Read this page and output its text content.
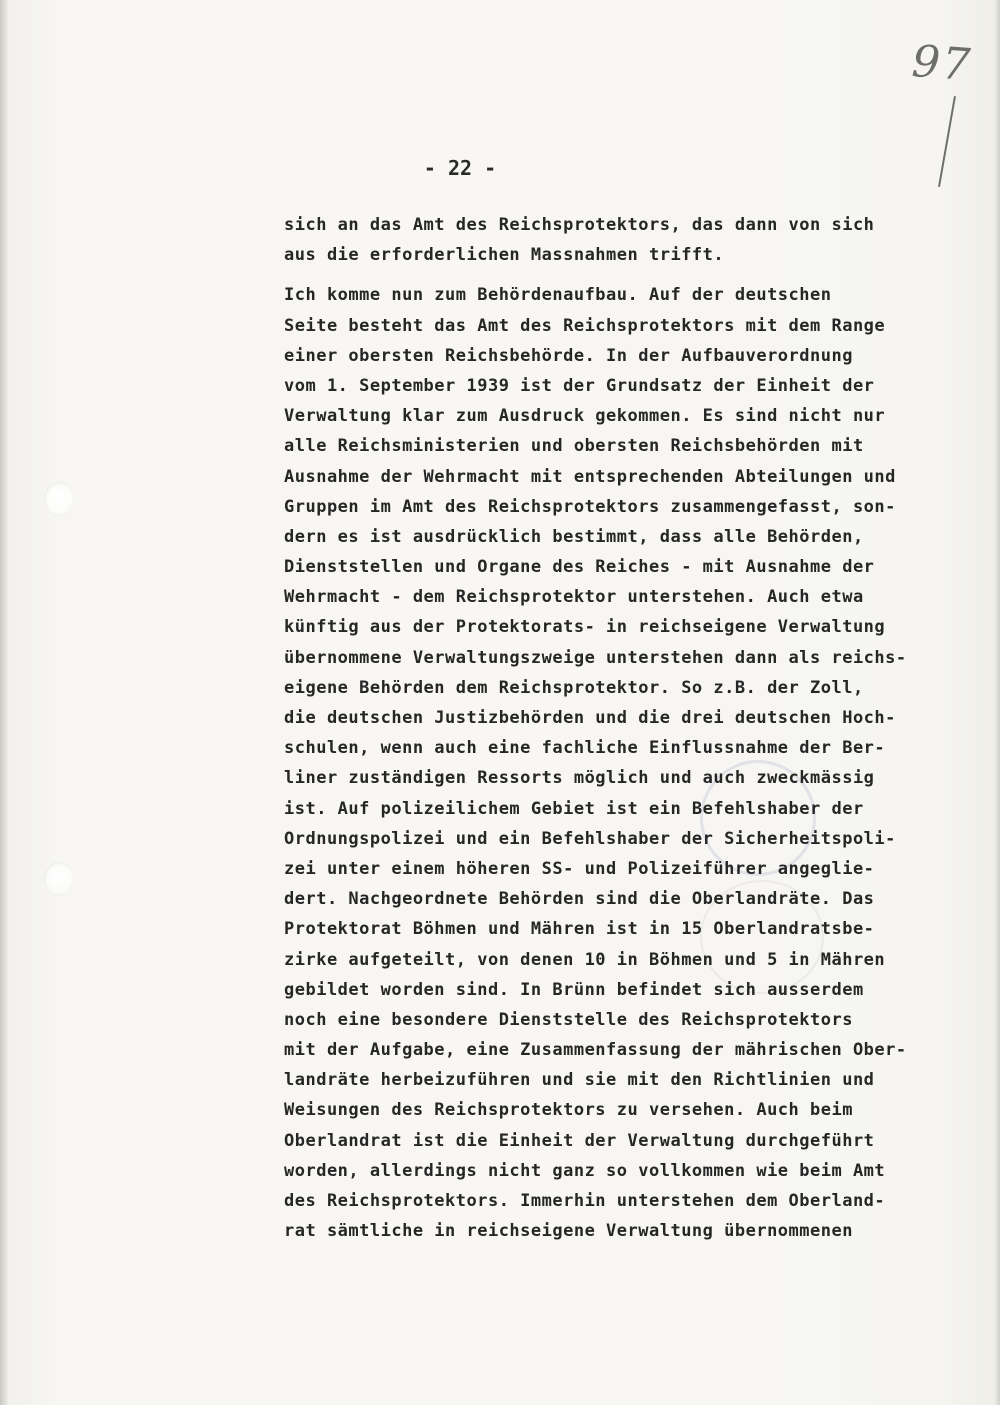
97
- 22 -
sich an das Amt des Reichsprotektors, das dann von sich
aus die erforderlichen Massnahmen trifft.
Ich komme nun zum Behördenaufbau. Auf der deutschen
Seite besteht das Amt des Reichsprotektors mit dem Range
einer obersten Reichsbehörde. In der Aufbauverordnung
vom 1. September 1939 ist der Grundsatz der Einheit der
Verwaltung klar zum Ausdruck gekommen. Es sind nicht nur
alle Reichsministerien und obersten Reichsbehörden mit
Ausnahme der Wehrmacht mit entsprechenden Abteilungen und
Gruppen im Amt des Reichsprotektors zusammengefasst, son-
dern es ist ausdrücklich bestimmt, dass alle Behörden,
Dienststellen und Organe des Reiches - mit Ausnahme der
Wehrmacht - dem Reichsprotektor unterstehen. Auch etwa
künftig aus der Protektorats- in reichseigene Verwaltung
übernommene Verwaltungszweige unterstehen dann als reichs-
eigene Behörden dem Reichsprotektor. So z.B. der Zoll,
die deutschen Justizbehörden und die drei deutschen Hoch-
schulen, wenn auch eine fachliche Einflussnahme der Ber-
liner zuständigen Ressorts möglich und auch zweckmässig
ist. Auf polizeilichem Gebiet ist ein Befehlshaber der
Ordnungspolizei und ein Befehlshaber der Sicherheitspoli-
zei unter einem höheren SS- und Polizeiführer angeglie-
dert. Nachgeordnete Behörden sind die Oberlandräte. Das
Protektorat Böhmen und Mähren ist in 15 Oberlandratsbe-
zirke aufgeteilt, von denen 10 in Böhmen und 5 in Mähren
gebildet worden sind. In Brünn befindet sich ausserdem
noch eine besondere Dienststelle des Reichsprotektors
mit der Aufgabe, eine Zusammenfassung der mährischen Ober-
landräte herbeizuführen und sie mit den Richtlinien und
Weisungen des Reichsprotektors zu versehen. Auch beim
Oberlandrat ist die Einheit der Verwaltung durchgeführt
worden, allerdings nicht ganz so vollkommen wie beim Amt
des Reichsprotektors. Immerhin unterstehen dem Oberland-
rat sämtliche in reichseigene Verwaltung übernommenen
